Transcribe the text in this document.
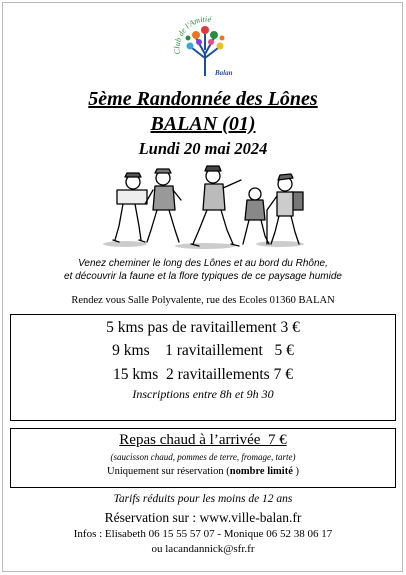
Club de l'Amitié
Balan
5ème Randonnée des Lônes
BALAN (01)
Lundi 20 mai 2024
Venez cheminer le long des Lônes et au bord du Rhône,
et découvrir la faune et la flore typiques de ce paysage humide
Rendez vous Salle Polyvalente, rue des Ecoles 01360 BALAN
5 kms pas de ravitaillement 3 €
9 kms 1 ravitaillement 5 €
15 kms 2 ravitaillements 7 €
Inscriptions entre 8h et 9h 30
Repas chaud à l’arrivée 7 €
(saucisson chaud, pommes de terre, fromage, tarte)
Uniquement sur réservation (nombre limité )
Tarifs réduits pour les moins de 12 ans
Réservation sur : www.ville-balan.fr
Infos : Elisabeth 06 15 55 57 07 - Monique 06 52 38 06 17
ou lacandannick@sfr.fr
